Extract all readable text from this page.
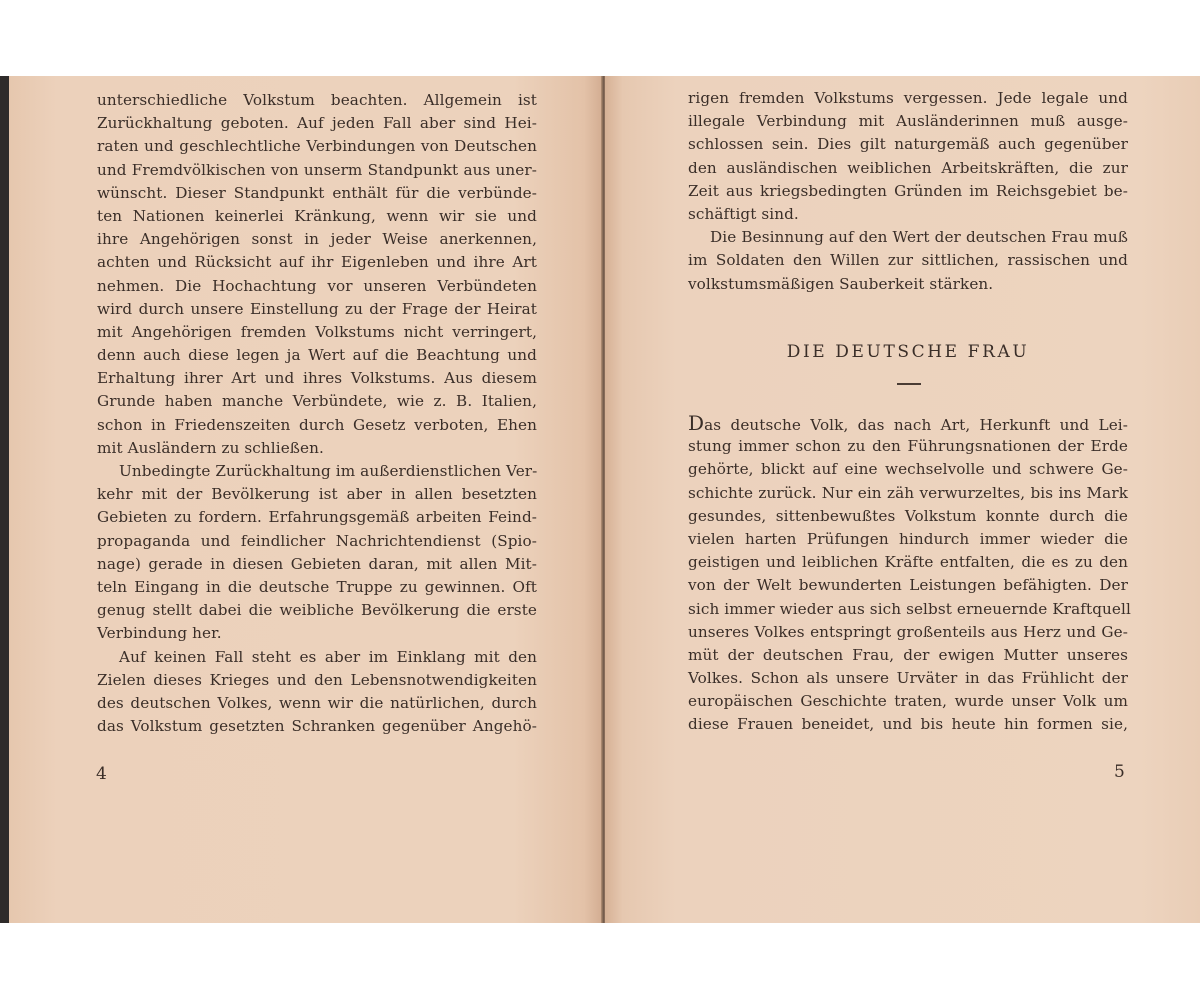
unterschiedliche Volkstum beachten. Allgemein ist
Zurückhaltung geboten. Auf jeden Fall aber sind Hei-
raten und geschlechtliche Verbindungen von Deutschen
und Fremdvölkischen von unserm Standpunkt aus uner-
wünscht. Dieser Standpunkt enthält für die verbünde-
ten Nationen keinerlei Kränkung, wenn wir sie und
ihre Angehörigen sonst in jeder Weise anerkennen,
achten und Rücksicht auf ihr Eigenleben und ihre Art
nehmen. Die Hochachtung vor unseren Verbündeten
wird durch unsere Einstellung zu der Frage der Heirat
mit Angehörigen fremden Volkstums nicht verringert,
denn auch diese legen ja Wert auf die Beachtung und
Erhaltung ihrer Art und ihres Volkstums. Aus diesem
Grunde haben manche Verbündete, wie z. B. Italien,
schon in Friedenszeiten durch Gesetz verboten, Ehen
mit Ausländern zu schließen.
Unbedingte Zurückhaltung im außerdienstlichen Ver-
kehr mit der Bevölkerung ist aber in allen besetzten
Gebieten zu fordern. Erfahrungsgemäß arbeiten Feind-
propaganda und feindlicher Nachrichtendienst (Spio-
nage) gerade in diesen Gebieten daran, mit allen Mit-
teln Eingang in die deutsche Truppe zu gewinnen. Oft
genug stellt dabei die weibliche Bevölkerung die erste
Verbindung her.
Auf keinen Fall steht es aber im Einklang mit den
Zielen dieses Krieges und den Lebensnotwendigkeiten
des deutschen Volkes, wenn wir die natürlichen, durch
das Volkstum gesetzten Schranken gegenüber Angehö-
4
rigen fremden Volkstums vergessen. Jede legale und
illegale Verbindung mit Ausländerinnen muß ausge-
schlossen sein. Dies gilt naturgemäß auch gegenüber
den ausländischen weiblichen Arbeitskräften, die zur
Zeit aus kriegsbedingten Gründen im Reichsgebiet be-
schäftigt sind.
Die Besinnung auf den Wert der deutschen Frau muß
im Soldaten den Willen zur sittlichen, rassischen und
volkstumsmäßigen Sauberkeit stärken.
DIE DEUTSCHE FRAU
Das deutsche Volk, das nach Art, Herkunft und Lei-
stung immer schon zu den Führungsnationen der Erde
gehörte, blickt auf eine wechselvolle und schwere Ge-
schichte zurück. Nur ein zäh verwurzeltes, bis ins Mark
gesundes, sittenbewußtes Volkstum konnte durch die
vielen harten Prüfungen hindurch immer wieder die
geistigen und leiblichen Kräfte entfalten, die es zu den
von der Welt bewunderten Leistungen befähigten. Der
sich immer wieder aus sich selbst erneuernde Kraftquell
unseres Volkes entspringt großenteils aus Herz und Ge-
müt der deutschen Frau, der ewigen Mutter unseres
Volkes. Schon als unsere Urväter in das Frühlicht der
europäischen Geschichte traten, wurde unser Volk um
diese Frauen beneidet, und bis heute hin formen sie,
5
